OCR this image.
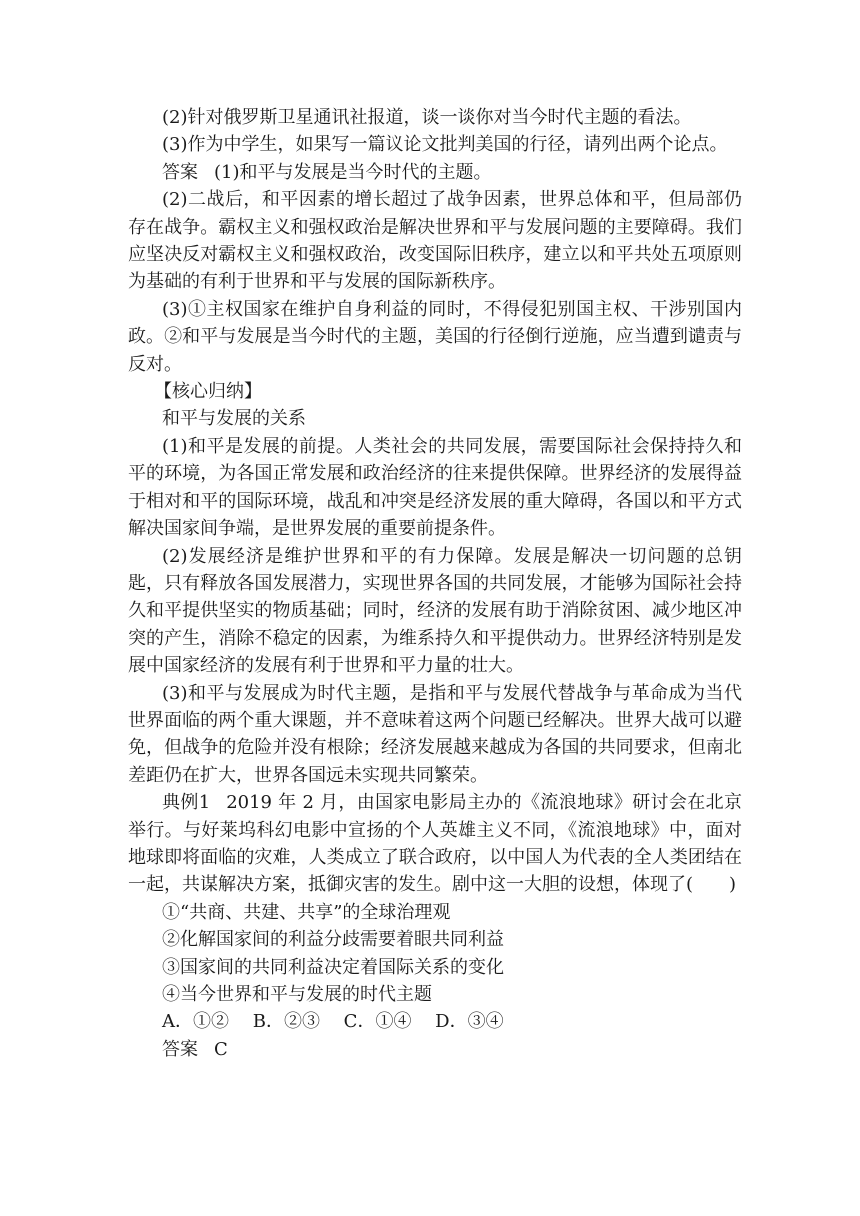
(2)针对俄罗斯卫星通讯社报道，谈一谈你对当今时代主题的看法。

(3)作为中学生，如果写一篇议论文批判美国的行径，请列出两个论点。

答案 (1)和平与发展是当今时代的主题。

(2)二战后，和平因素的增长超过了战争因素，世界总体和平，但局部仍存在战争。霸权主义和强权政治是解决世界和平与发展问题的主要障碍。我们应坚决反对霸权主义和强权政治，改变国际旧秩序，建立以和平共处五项原则为基础的有利于世界和平与发展的国际新秩序。

(3)①主权国家在维护自身利益的同时，不得侵犯别国主权、干涉别国内政。②和平与发展是当今时代的主题，美国的行径倒行逆施，应当遭到谴责与反对。

【核心归纳】

和平与发展的关系

(1)和平是发展的前提。人类社会的共同发展，需要国际社会保持持久和平的环境，为各国正常发展和政治经济的往来提供保障。世界经济的发展得益于相对和平的国际环境，战乱和冲突是经济发展的重大障碍，各国以和平方式解决国家间争端，是世界发展的重要前提条件。

(2)发展经济是维护世界和平的有力保障。发展是解决一切问题的总钥匙，只有释放各国发展潜力，实现世界各国的共同发展，才能够为国际社会持久和平提供坚实的物质基础；同时，经济的发展有助于消除贫困、减少地区冲突的产生，消除不稳定的因素，为维系持久和平提供动力。世界经济特别是发展中国家经济的发展有利于世界和平力量的壮大。

(3)和平与发展成为时代主题，是指和平与发展代替战争与革命成为当代世界面临的两个重大课题，并不意味着这两个问题已经解决。世界大战可以避免，但战争的危险并没有根除；经济发展越来越成为各国的共同要求，但南北差距仍在扩大，世界各国远未实现共同繁荣。

典例1 2019 年 2 月，由国家电影局主办的《流浪地球》研讨会在北京举行。与好莱坞科幻电影中宣扬的个人英雄主义不同，《流浪地球》中，面对地球即将面临的灾难，人类成立了联合政府，以中国人为代表的全人类团结在一起，共谋解决方案，抵御灾害的发生。剧中这一大胆的设想，体现了(　　)

①“共商、共建、共享”的全球治理观

②化解国家间的利益分歧需要着眼共同利益

③国家间的共同利益决定着国际关系的变化

④当今世界和平与发展的时代主题

A．①②　 B．②③　 C．①④　 D．③④

答案 C
